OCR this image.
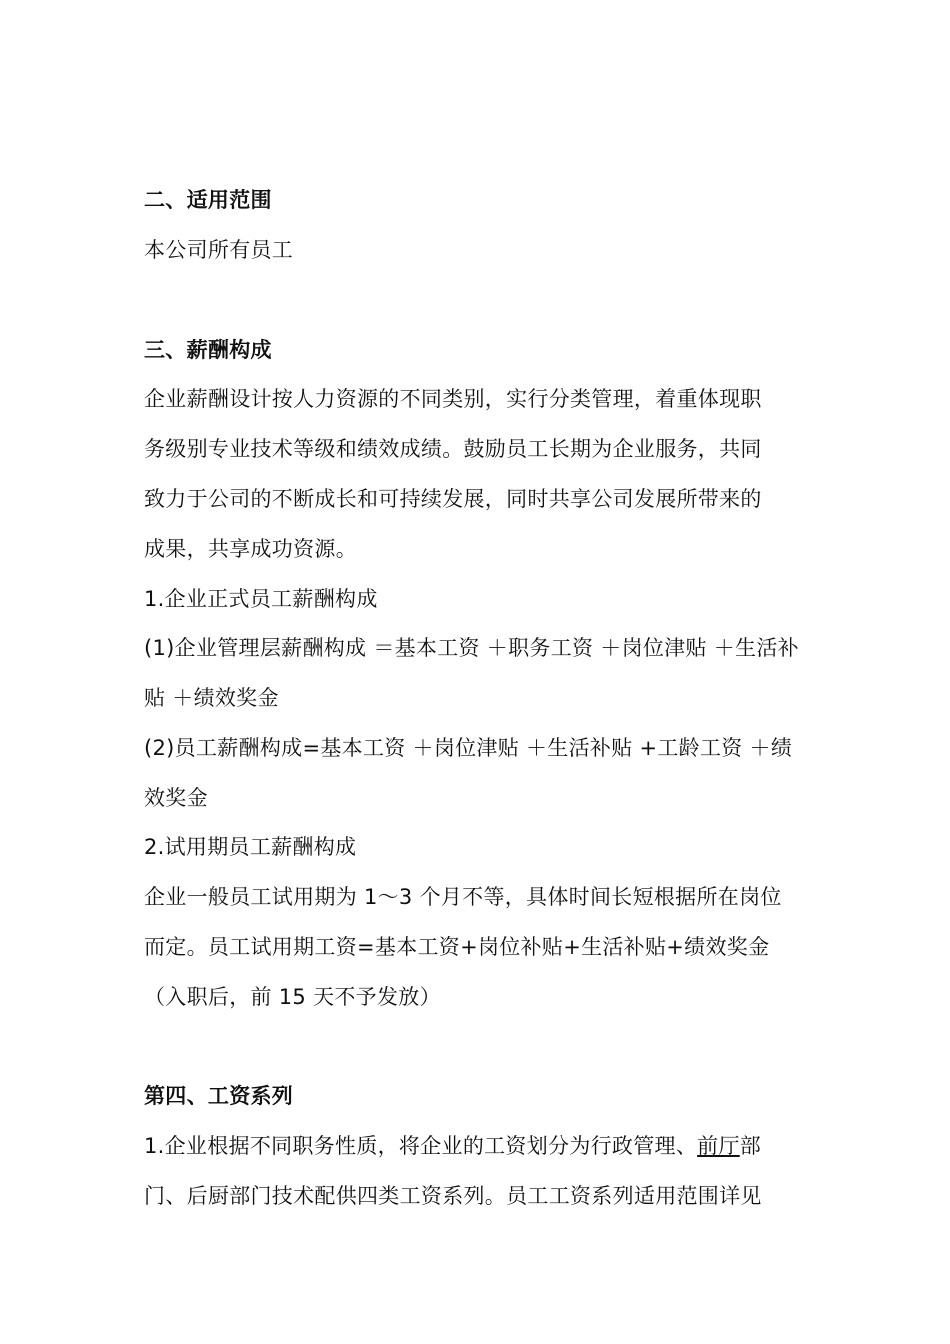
二、适用范围
本公司所有员工
三、薪酬构成
企业薪酬设计按人力资源的不同类别，实行分类管理，着重体现职
务级别专业技术等级和绩效成绩。鼓励员工长期为企业服务，共同
致力于公司的不断成长和可持续发展，同时共享公司发展所带来的
成果，共享成功资源。
1.企业正式员工薪酬构成
(1)企业管理层薪酬构成 ＝基本工资 ＋职务工资 ＋岗位津贴 ＋生活补
贴 ＋绩效奖金
(2)员工薪酬构成=基本工资 ＋岗位津贴 ＋生活补贴 +工龄工资 ＋绩
效奖金
2.试用期员工薪酬构成
企业一般员工试用期为 1～3 个月不等，具体时间长短根据所在岗位
而定。员工试用期工资=基本工资+岗位补贴+生活补贴+绩效奖金
（入职后，前 15 天不予发放）
第四、工资系列
1.企业根据不同职务性质，将企业的工资划分为行政管理、前厅部
门、后厨部门技术配供四类工资系列。员工工资系列适用范围详见
